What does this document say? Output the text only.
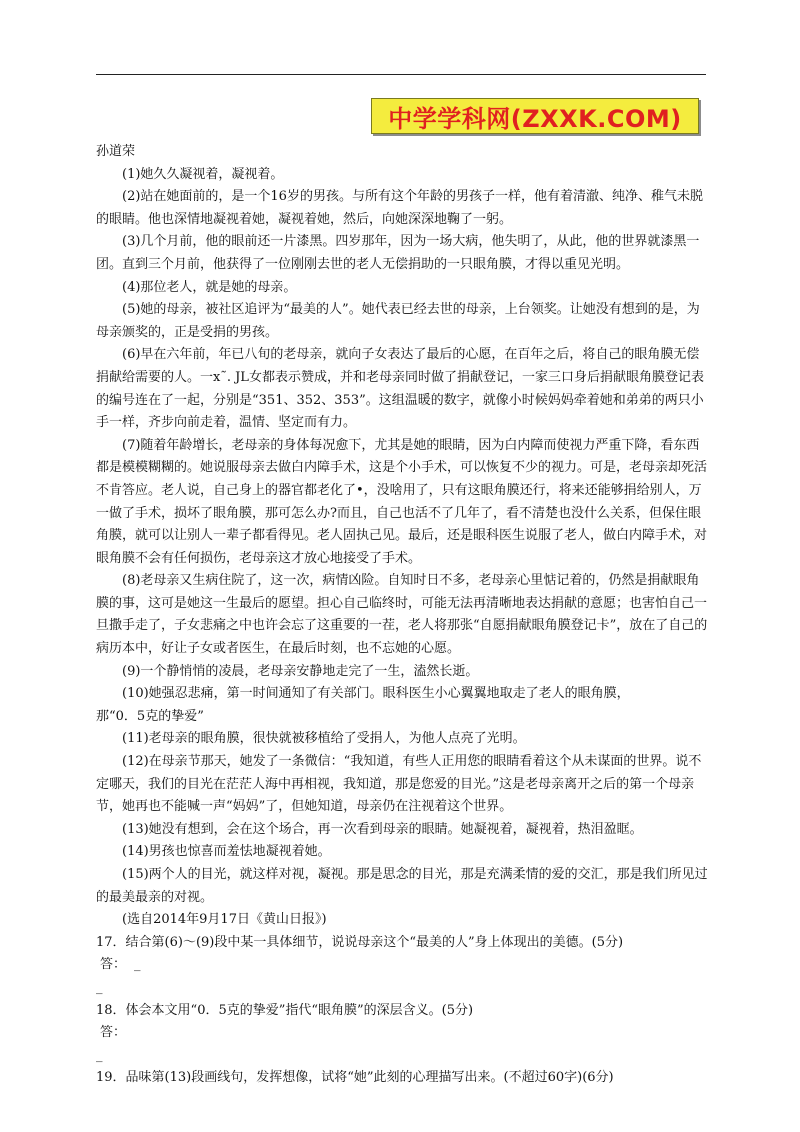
中学学科网(ZXXK.COM)

孙道荣

(1)她久久凝视着，凝视着。

(2)站在她面前的，是一个16岁的男孩。与所有这个年龄的男孩子一样，他有着清澈、纯净、稚气未脱的眼睛。他也深情地凝视着她，凝视着她，然后，向她深深地鞠了一躬。

(3)几个月前，他的眼前还一片漆黑。四岁那年，因为一场大病，他失明了，从此，他的世界就漆黑一团。直到三个月前，他获得了一位刚刚去世的老人无偿捐助的一只眼角膜，才得以重见光明。

(4)那位老人，就是她的母亲。

(5)她的母亲，被社区追评为“最美的人”。她代表已经去世的母亲，上台领奖。让她没有想到的是，为母亲颁奖的，正是受捐的男孩。

(6)早在六年前，年已八旬的老母亲，就向子女表达了最后的心愿，在百年之后，将自己的眼角膜无偿捐献给需要的人。一x˜. JL女都表示赞成，并和老母亲同时做了捐献登记，一家三口身后捐献眼角膜登记表的编号连在了一起，分别是“351、352、353”。这组温暖的数字，就像小时候妈妈牵着她和弟弟的两只小手一样，齐步向前走着，温情、坚定而有力。

(7)随着年龄增长，老母亲的身体每况愈下，尤其是她的眼睛，因为白内障而使视力严重下降，看东西都是模模糊糊的。她说服母亲去做白内障手术，这是个小手术，可以恢复不少的视力。可是，老母亲却死活不肯答应。老人说，自己身上的器官都老化了•，没啥用了，只有这眼角膜还行，将来还能够捐给别人，万一做了手术，损坏了眼角膜，那可怎么办?而且，自己也活不了几年了，看不清楚也没什么关系，但保住眼角膜，就可以让别人一辈子都看得见。老人固执己见。最后，还是眼科医生说服了老人，做白内障手术，对眼角膜不会有任何损伤，老母亲这才放心地接受了手术。

(8)老母亲又生病住院了，这一次，病情凶险。自知时日不多，老母亲心里惦记着的，仍然是捐献眼角膜的事，这可是她这一生最后的愿望。担心自己临终时，可能无法再清晰地表达捐献的意愿；也害怕自己一旦撒手走了，子女悲痛之中也许会忘了这重要的一茬，老人将那张“自愿捐献眼角膜登记卡”，放在了自己的病历本中，好让子女或者医生，在最后时刻，也不忘她的心愿。

(9)一个静悄悄的凌晨，老母亲安静地走完了一生，溘然长逝。

(10)她强忍悲痛，第一时间通知了有关部门。眼科医生小心翼翼地取走了老人的眼角膜，

那“0．5克的挚爱”

(11)老母亲的眼角膜，很快就被移植给了受捐人，为他人点亮了光明。

(12)在母亲节那天，她发了一条微信：“我知道，有些人正用您的眼睛看着这个从未谋面的世界。说不定哪天，我们的目光在茫茫人海中再相视，我知道，那是您爱的目光。”这是老母亲离开之后的第一个母亲节，她再也不能喊一声“妈妈”了，但她知道，母亲仍在注视着这个世界。

(13)她没有想到，会在这个场合，再一次看到母亲的眼睛。她凝视着，凝视着，热泪盈眶。

(14)男孩也惊喜而羞怯地凝视着她。

(15)两个人的目光，就这样对视，凝视。那是思念的目光，那是充满柔情的爱的交汇，那是我们所见过的最美最亲的对视。

(选自2014年9月17日《黄山日报》)

17．结合第(6)～(9)段中某一具体细节，说说母亲这个“最美的人”身上体现出的美德。(5分)

答： _

_

18．体会本文用“0．5克的挚爱”指代“眼角膜”的深层含义。(5分)

答：

_

19．品味第(13)段画线句，发挥想像，试将“她”此刻的心理描写出来。(不超过60字)(6分)
